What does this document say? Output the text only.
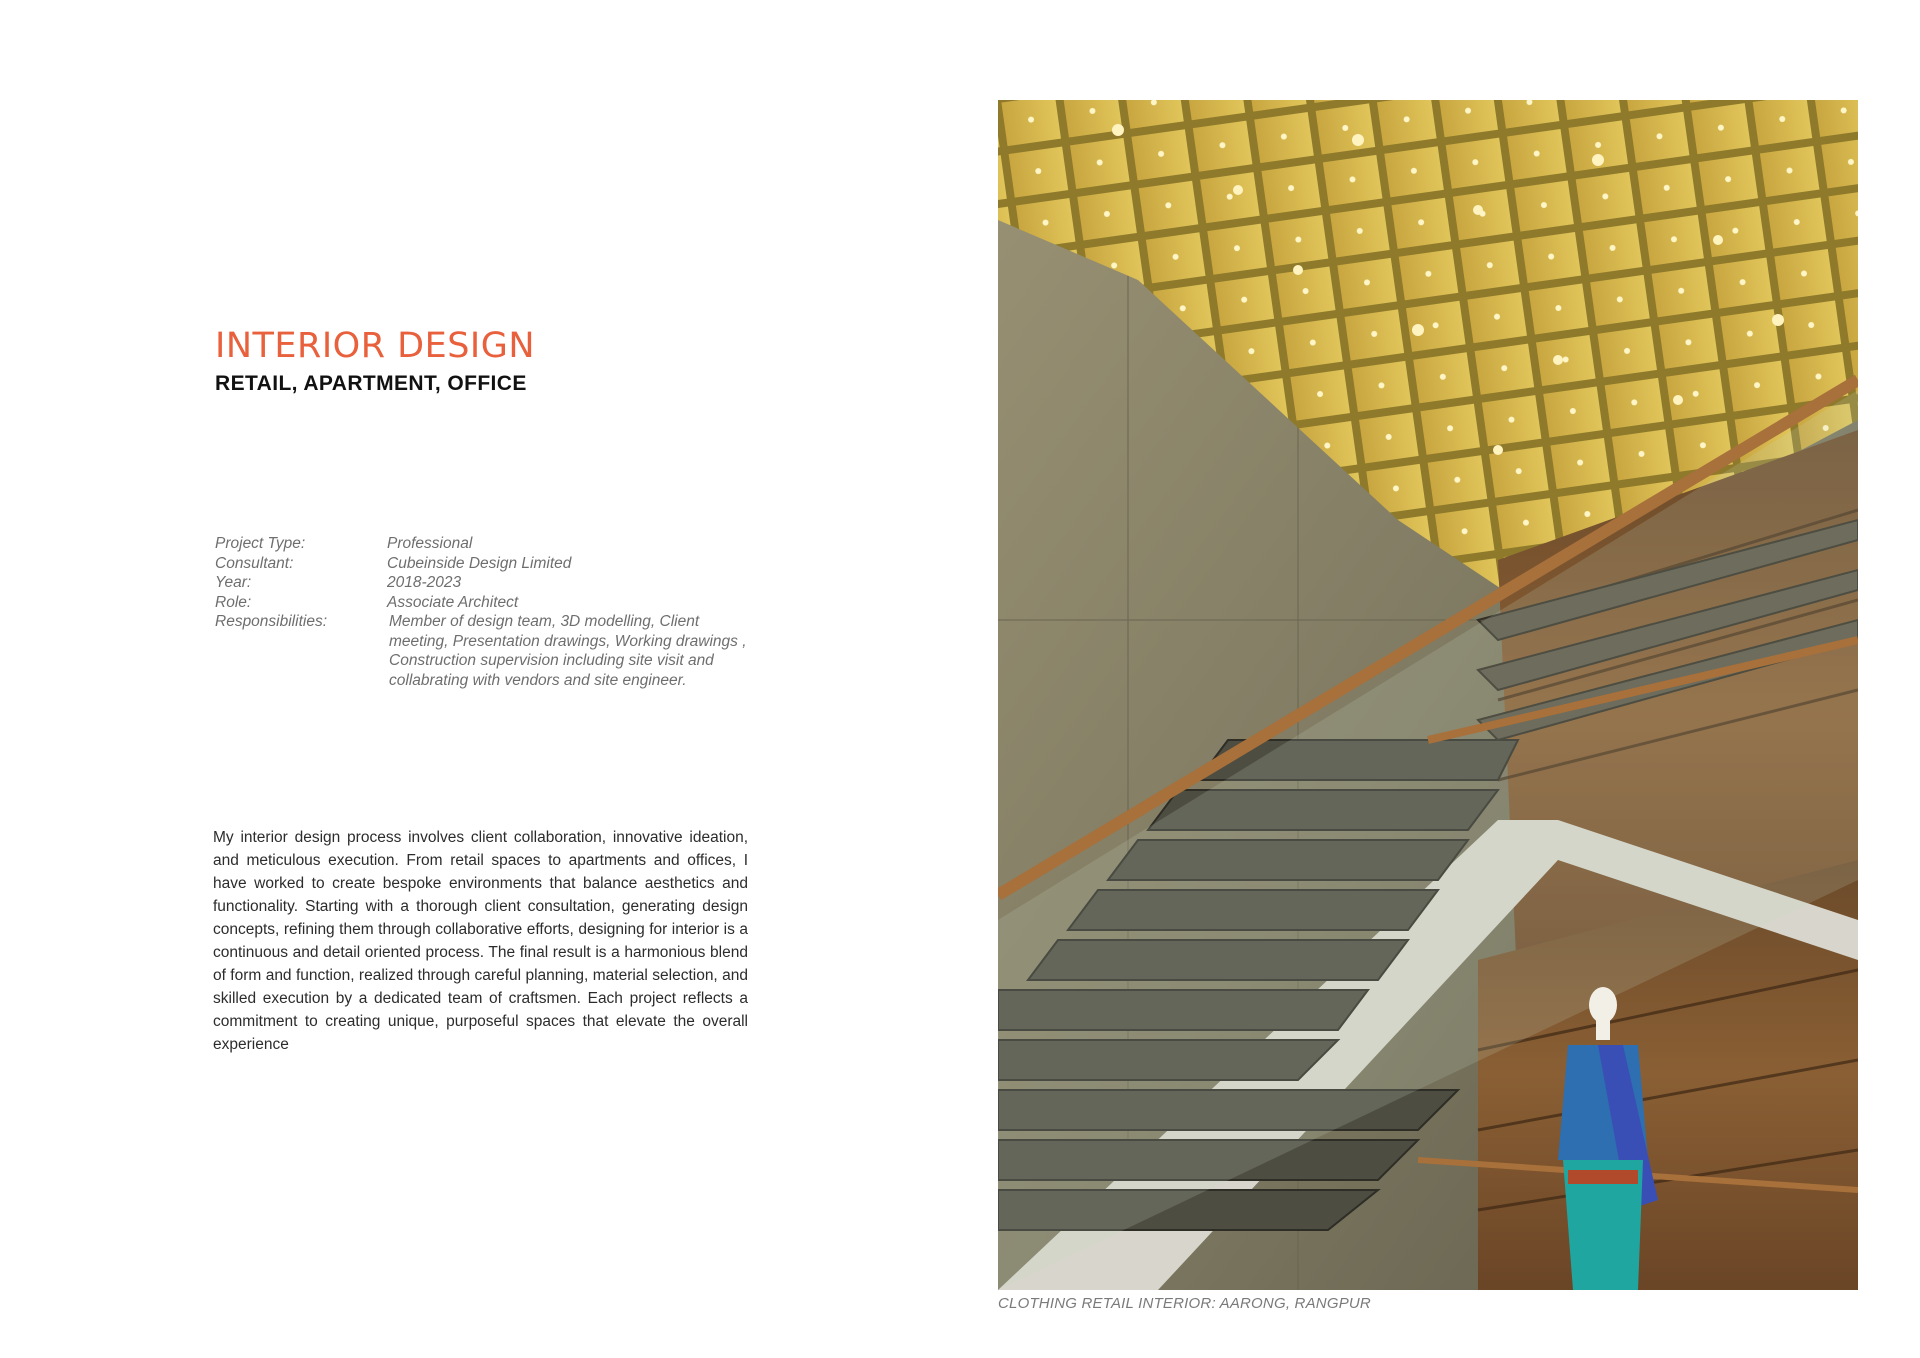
INTERIOR DESIGN
RETAIL, APARTMENT, OFFICE
Project Type:	Professional
Consultant:	Cubeinside Design Limited
Year:	2018-2023
Role:	Associate Architect
Responsibilities:	Member of design team, 3D modelling, Client meeting, Presentation drawings, Working drawings , Construction supervision including site visit and collabrating with vendors and site engineer.
My interior design process involves client collaboration, innovative ideation, and meticulous execution. From retail spaces to apartments and offices, I have worked to create bespoke environments that balance aesthetics and functionality. Starting with a thorough client consultation, generating design concepts, refining them through collaborative efforts, designing for interior is a continuous and detail oriented process. The final result is a harmonious blend of form and function, realized through careful planning, material selection, and skilled execution by a dedicated team of craftsmen. Each project reflects a commitment to creating unique, purposeful spaces that elevate the overall experience
CLOTHING RETAIL INTERIOR: AARONG, RANGPUR
